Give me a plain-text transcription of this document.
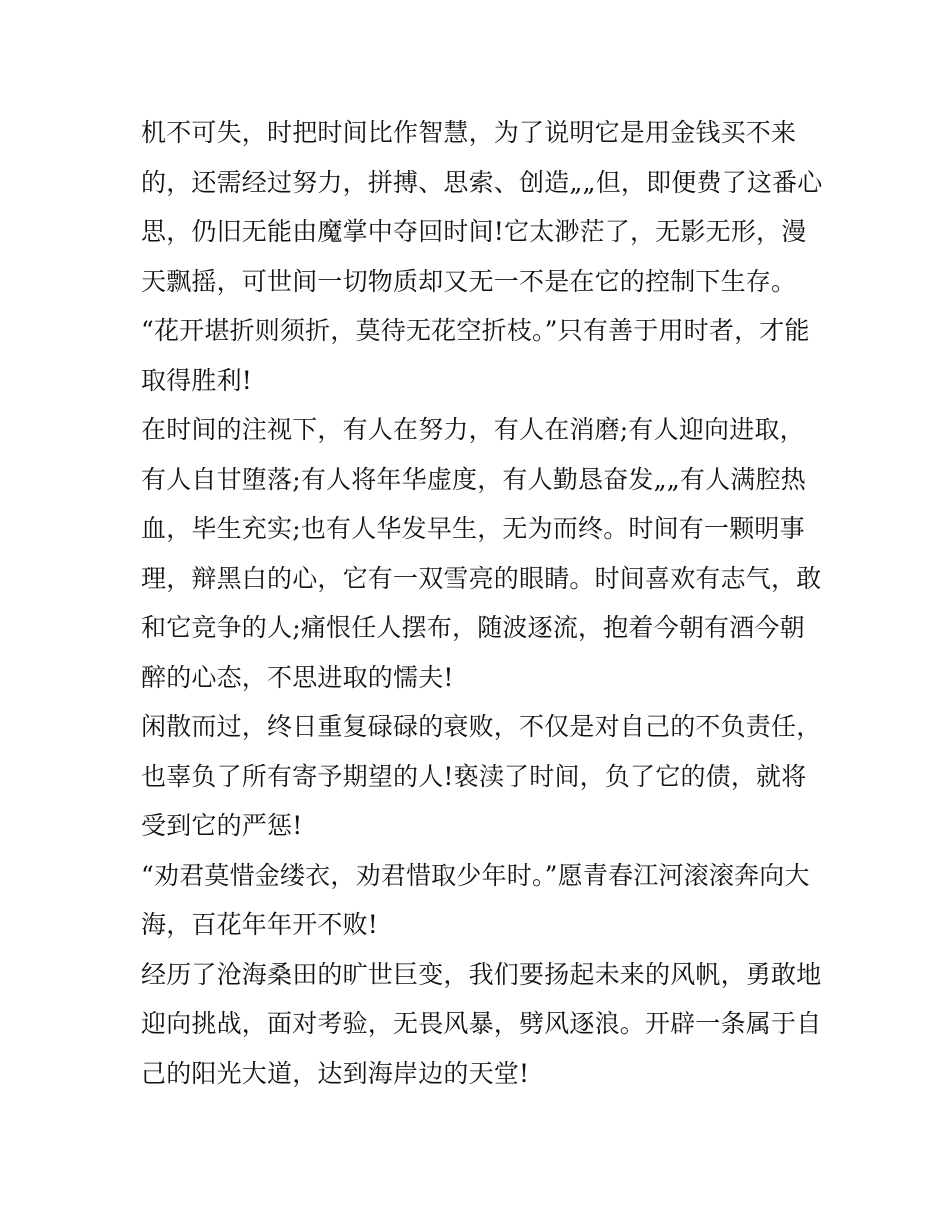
机不可失，时把时间比作智慧，为了说明它是用金钱买不来
的，还需经过努力，拼搏、思索、创造„„但，即便费了这番心
思，仍旧无能由魔掌中夺回时间!它太渺茫了，无影无形，漫
天飘摇，可世间一切物质却又无一不是在它的控制下生存。
“花开堪折则须折，莫待无花空折枝。”只有善于用时者，才能
取得胜利!
在时间的注视下，有人在努力，有人在消磨;有人迎向进取，
有人自甘堕落;有人将年华虚度，有人勤恳奋发„„有人满腔热
血，毕生充实;也有人华发早生，无为而终。时间有一颗明事
理，辩黑白的心，它有一双雪亮的眼睛。时间喜欢有志气，敢
和它竞争的人;痛恨任人摆布，随波逐流，抱着今朝有酒今朝
醉的心态，不思进取的懦夫!
闲散而过，终日重复碌碌的衰败，不仅是对自己的不负责任，
也辜负了所有寄予期望的人!亵渎了时间，负了它的债，就将
受到它的严惩!
“劝君莫惜金缕衣，劝君惜取少年时。”愿青春江河滚滚奔向大
海，百花年年开不败!
经历了沧海桑田的旷世巨变，我们要扬起未来的风帆，勇敢地
迎向挑战，面对考验，无畏风暴，劈风逐浪。开辟一条属于自
己的阳光大道，达到海岸边的天堂!
